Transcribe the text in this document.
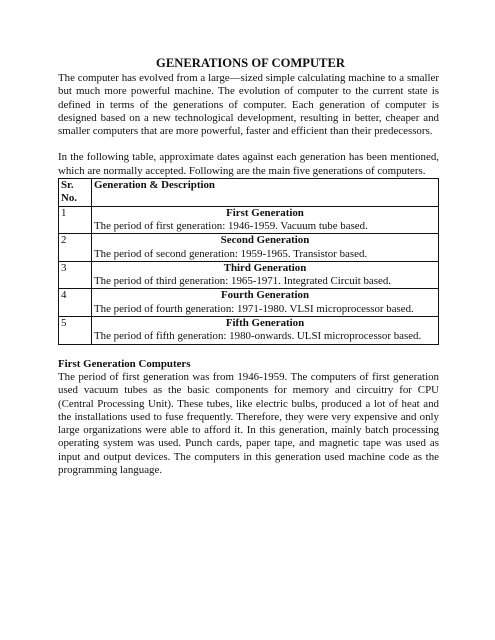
GENERATIONS OF COMPUTER

The computer has evolved from a large—sized simple calculating machine to a smaller but much more powerful machine. The evolution of computer to the current state is defined in terms of the generations of computer. Each generation of computer is designed based on a new technological development, resulting in better, cheaper and smaller computers that are more powerful, faster and efficient than their predecessors.

In the following table, approximate dates against each generation has been mentioned, which are normally accepted. Following are the main five generations of computers.

Sr. No.	Generation & Description
1	First Generation
The period of first generation: 1946-1959. Vacuum tube based.

2	Second Generation
The period of second generation: 1959-1965. Transistor based.

3	Third Generation
The period of third generation: 1965-1971. Integrated Circuit based.

4	Fourth Generation
The period of fourth generation: 1971-1980. VLSI microprocessor based.

5	Fifth Generation
The period of fifth generation: 1980-onwards. ULSI microprocessor based.
First Generation Computers

The period of first generation was from 1946-1959. The computers of first generation used vacuum tubes as the basic components for memory and circuitry for CPU (Central Processing Unit). These tubes, like electric bulbs, produced a lot of heat and the installations used to fuse frequently. Therefore, they were very expensive and only large organizations were able to afford it. In this generation, mainly batch processing operating system was used. Punch cards, paper tape, and magnetic tape was used as input and output devices. The computers in this generation used machine code as the programming language.
